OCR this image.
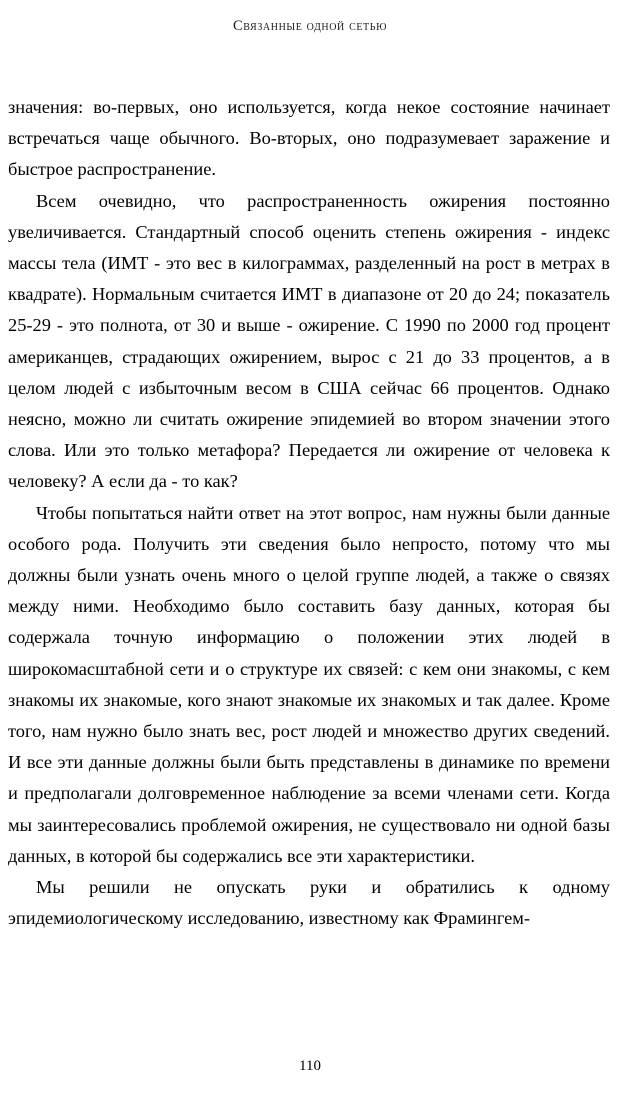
Связанные одной сетью

значения: во-первых, оно используется, когда некое состояние начинает встречаться чаще обычного. Во-вторых, оно подразумевает заражение и быстрое распространение.

Всем очевидно, что распространенность ожирения постоянно увеличивается. Стандартный способ оценить степень ожирения - индекс массы тела (ИМТ - это вес в килограммах, разделенный на рост в метрах в квадрате). Нормальным считается ИМТ в диапазоне от 20 до 24; показатель 25-29 - это полнота, от 30 и выше - ожирение. С 1990 по 2000 год процент американцев, страдающих ожирением, вырос с 21 до 33 процентов, а в целом людей с избыточным весом в США сейчас 66 процентов. Однако неясно, можно ли считать ожирение эпидемией во втором значении этого слова. Или это только метафора? Передается ли ожирение от человека к человеку? А если да - то как?

Чтобы попытаться найти ответ на этот вопрос, нам нужны были данные особого рода. Получить эти сведения было непросто, потому что мы должны были узнать очень много о целой группе людей, а также о связях между ними. Необходимо было составить базу данных, которая бы содержала точную информацию о положении этих людей в широкомасштабной сети и о структуре их связей: с кем они знакомы, с кем знакомы их знакомые, кого знают знакомые их знакомых и так далее. Кроме того, нам нужно было знать вес, рост людей и множество других сведений. И все эти данные должны были быть представлены в динамике по времени и предполагали долговременное наблюдение за всеми членами сети. Когда мы заинтересовались проблемой ожирения, не существовало ни одной базы данных, в которой бы содержались все эти характеристики.

Мы решили не опускать руки и обратились к одному эпидемиологическому исследованию, известному как Фрамингем-

110
